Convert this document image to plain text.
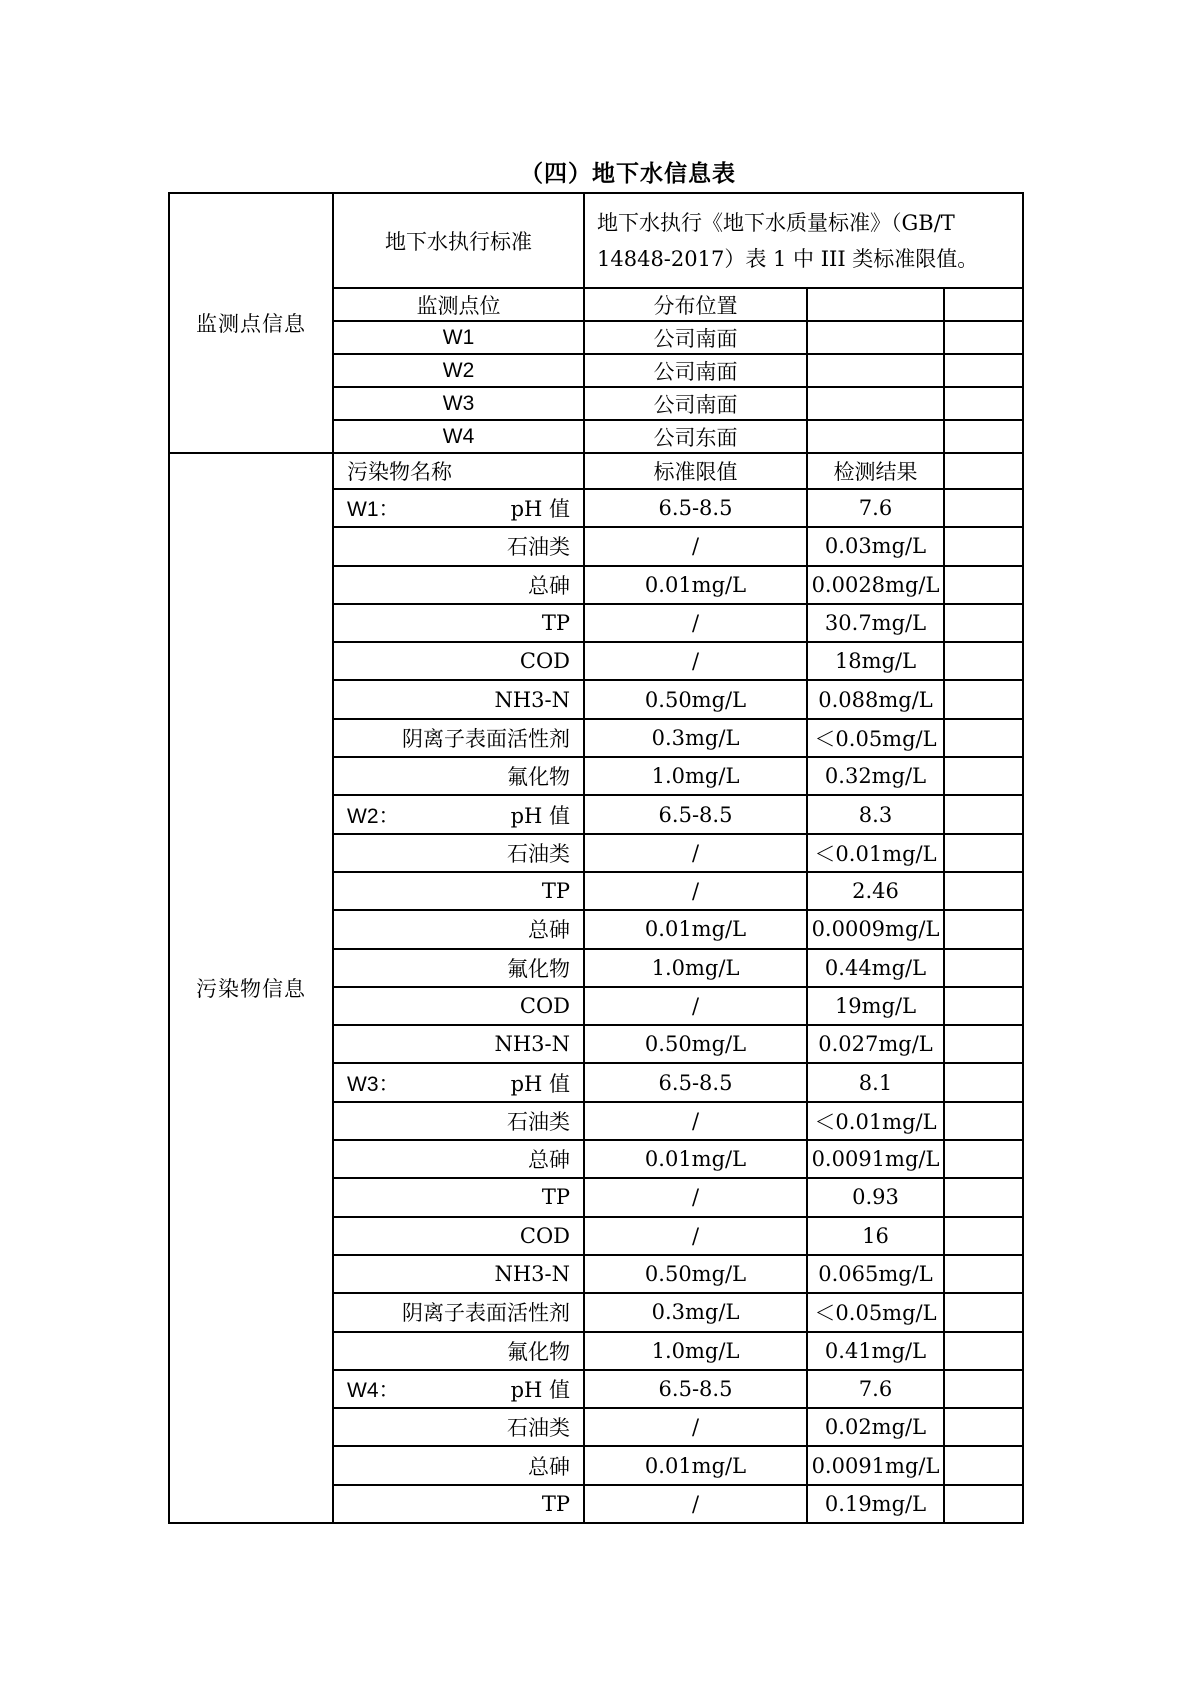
（四）地下水信息表
监测点信息	地下水执行标准	地下水执行《地下水质量标准》（GB/T 14848-2017）表 1 中 III 类标准限值。		
	监测点位	分布位置		
	W1	公司南面		
	W2	公司南面		
	W3	公司南面		
	W4	公司东面		
污染物信息	污染物名称	标准限值	检测结果	

	W1： pH 值	6.5-8.5	7.6	

	石油类	/	0.03mg/L	

	总砷	0.01mg/L	0.0028mg/L	

	TP	/	30.7mg/L	

	COD	/	18mg/L	

	NH3-N	0.50mg/L	0.088mg/L	

	阴离子表面活性剂	0.3mg/L	＜0.05mg/L	

	氟化物	1.0mg/L	0.32mg/L	

	W2： pH 值	6.5-8.5	8.3	

	石油类	/	＜0.01mg/L	

	TP	/	2.46	

	总砷	0.01mg/L	0.0009mg/L	

	氟化物	1.0mg/L	0.44mg/L	

	COD	/	19mg/L	

	NH3-N	0.50mg/L	0.027mg/L	

	W3： pH 值	6.5-8.5	8.1	

	石油类	/	＜0.01mg/L	

	总砷	0.01mg/L	0.0091mg/L	

	TP	/	0.93	

	COD	/	16	

	NH3-N	0.50mg/L	0.065mg/L	

	阴离子表面活性剂	0.3mg/L	＜0.05mg/L	

	氟化物	1.0mg/L	0.41mg/L	

	W4： pH 值	6.5-8.5	7.6	

	石油类	/	0.02mg/L	

	总砷	0.01mg/L	0.0091mg/L	

	TP	/	0.19mg/L	
